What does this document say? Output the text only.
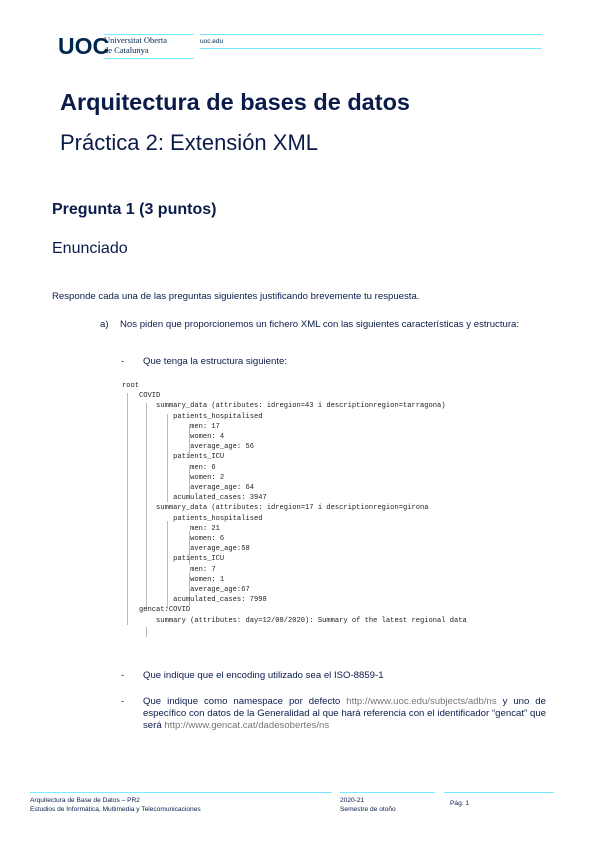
UOC
Universitat Oberta
de Catalunya
uoc.edu
Arquitectura de bases de datos
Práctica 2: Extensión XML
Pregunta 1 (3 puntos)
Enunciado
Responde cada una de las preguntas siguientes justificando brevemente tu respuesta.
a) Nos piden que proporcionemos un fichero XML con las siguientes características y estructura:
- Que tenga la estructura siguiente:
root
COVID
summary_data (attributes: idregion=43 i descriptionregion=tarragona)
patients_hospitalised
men: 17
women: 4
average_age: 56
patients_ICU
men: 6
women: 2
average_age: 64
acumulated_cases: 3947
summary_data (attributes: idregion=17 i descriptionregion=girona
patients_hospitalised
men: 21
women: 6
average_age:58
patients_ICU
men: 7
women: 1
average_age:67
acumulated_cases: 7998
gencat:COVID
summary (attributes: day=12/08/2020): Summary of the latest regional data
- Que indique que el encoding utilizado sea el ISO-8859-1
- Que indique como namespace por defecto http://www.uoc.edu/subjects/adb/ns y uno de específico con datos de la Generalidad al que hará referencia con el identificador “gencat” que será http://www.gencat.cat/dadesobertes/ns
Arquitectura de Base de Datos – PR2
Estudios de Informática, Multimedia y Telecomunicaciones
2020-21
Semestre de otoño
Pág. 1
